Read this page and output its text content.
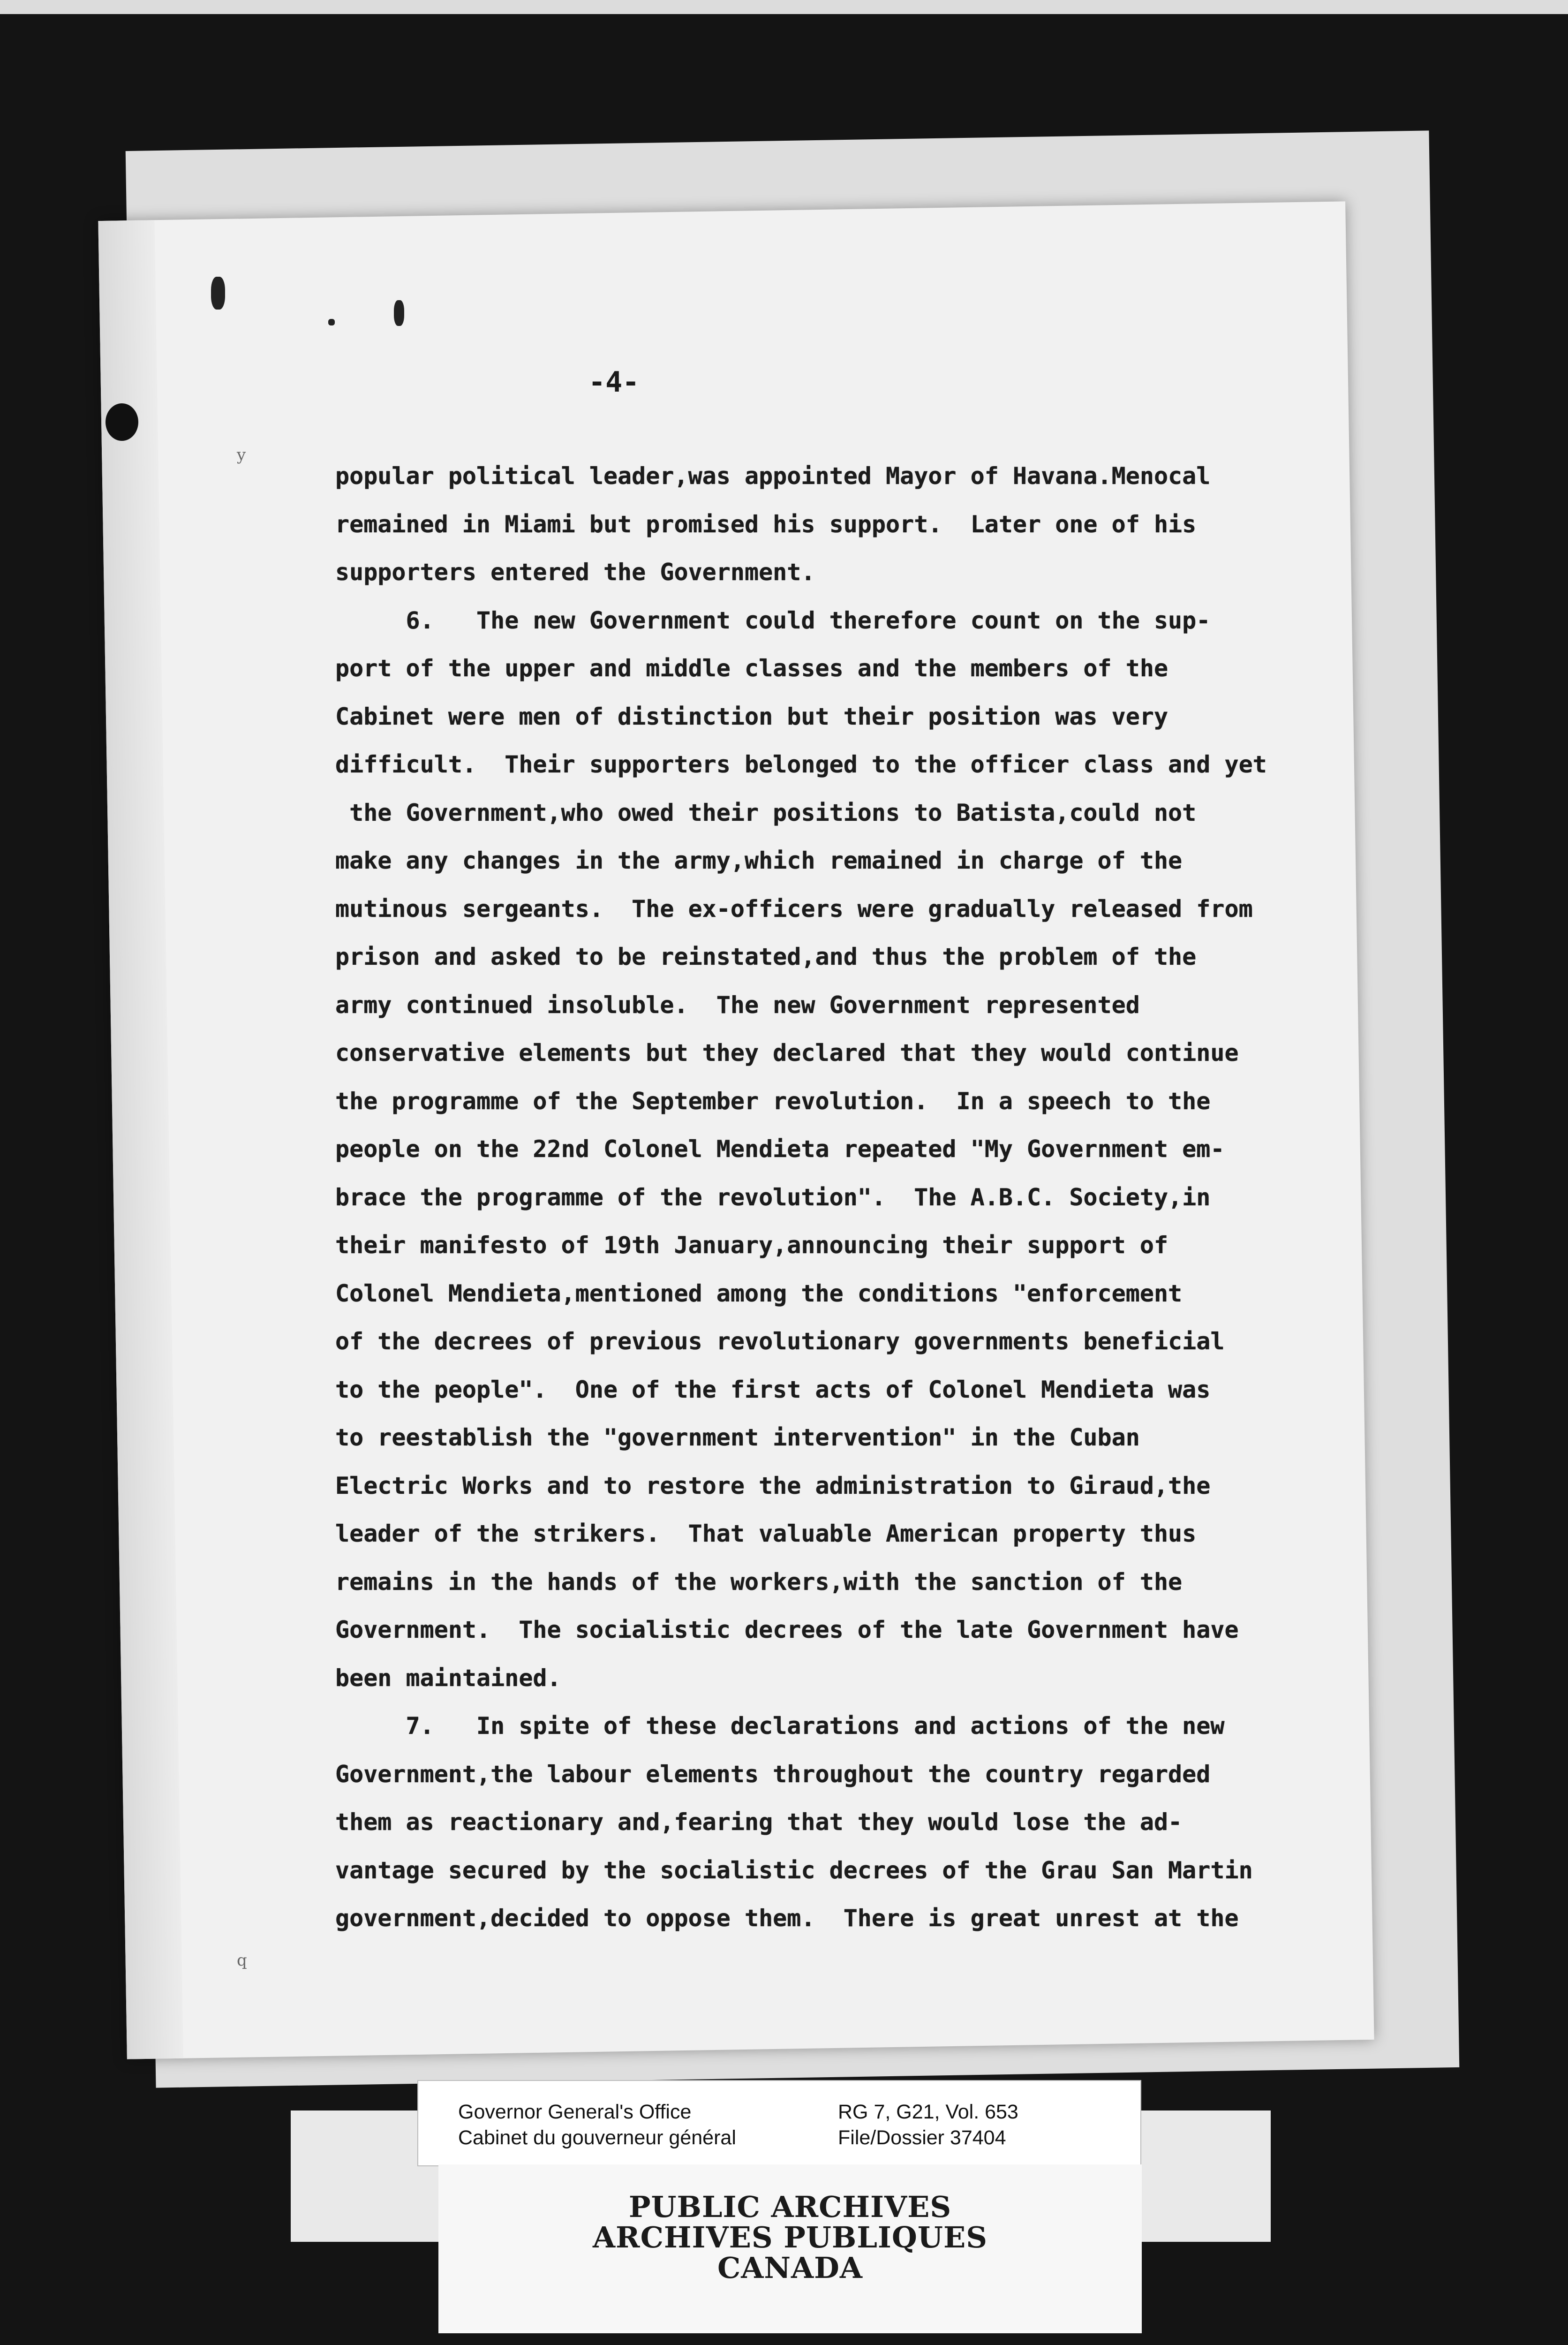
y
q
-4-

popular political leader,was appointed Mayor of Havana.Menocal

remained in Miami but promised his support.  Later one of his

supporters entered the Government.

6.   The new Government could therefore count on the sup-

port of the upper and middle classes and the members of the

Cabinet were men of distinction but their position was very

difficult.  Their supporters belonged to the officer class and yet

the Government,who owed their positions to Batista,could not

make any changes in the army,which remained in charge of the

mutinous sergeants.  The ex-officers were gradually released from

prison and asked to be reinstated,and thus the problem of the

army continued insoluble.  The new Government represented

conservative elements but they declared that they would continue

the programme of the September revolution.  In a speech to the

people on the 22nd Colonel Mendieta repeated "My Government em-

brace the programme of the revolution".  The A.B.C. Society,in

their manifesto of 19th January,announcing their support of

Colonel Mendieta,mentioned among the conditions "enforcement

of the decrees of previous revolutionary governments beneficial

to the people".  One of the first acts of Colonel Mendieta was

to reestablish the "government intervention" in the Cuban

Electric Works and to restore the administration to Giraud,the

leader of the strikers.  That valuable American property thus

remains in the hands of the workers,with the sanction of the

Government.  The socialistic decrees of the late Government have

been maintained.

7.   In spite of these declarations and actions of the new

Government,the labour elements throughout the country regarded

them as reactionary and,fearing that they would lose the ad-

vantage secured by the socialistic decrees of the Grau San Martin

government,decided to oppose them.  There is great unrest at the

Governor General's Office
Cabinet du gouverneur général
RG 7, G21, Vol. 653
File/Dossier 37404
PUBLIC ARCHIVES
ARCHIVES PUBLIQUES
CANADA
